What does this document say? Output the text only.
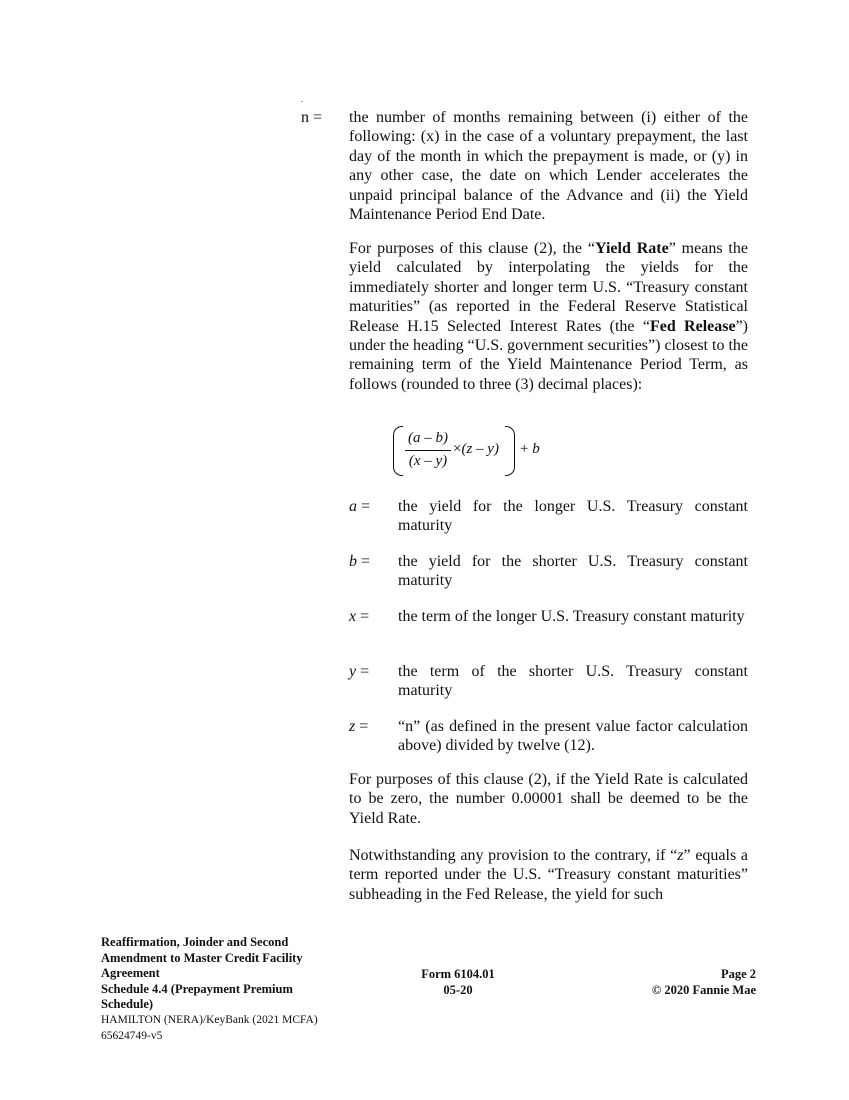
.
n = the number of months remaining between (i) either of the following: (x) in the case of a voluntary prepayment, the last day of the month in which the prepayment is made, or (y) in any other case, the date on which Lender accelerates the unpaid principal balance of the Advance and (ii) the Yield Maintenance Period End Date.

For purposes of this clause (2), the “Yield Rate” means the yield calculated by interpolating the yields for the immediately shorter and longer term U.S. “Treasury constant maturities” (as reported in the Federal Reserve Statistical Release H.15 Selected Interest Rates (the “Fed Release”) under the heading “U.S. government securities”) closest to the remaining term of the Yield Maintenance Period Term, as follows (rounded to three (3) decimal places):

(a – b)
(x – y)
×(z – y) + b
a = the yield for the longer U.S. Treasury constant maturity

b = the yield for the shorter U.S. Treasury constant maturity

x = the term of the longer U.S. Treasury constant maturity

y = the term of the shorter U.S. Treasury constant maturity

z = “n” (as defined in the present value factor calculation above) divided by twelve (12).

For purposes of this clause (2), if the Yield Rate is calculated to be zero, the number 0.00001 shall be deemed to be the Yield Rate.

Notwithstanding any provision to the contrary, if “z” equals a term reported under the U.S. “Treasury constant maturities” subheading in the Fed Release, the yield for such

Reaffirmation, Joinder and Second
Amendment to Master Credit Facility
Agreement
Schedule 4.4 (Prepayment Premium
Schedule)
HAMILTON (NERA)/KeyBank (2021 MCFA)
65624749-v5
Form 6104.01
05-20
Page 2
© 2020 Fannie Mae
